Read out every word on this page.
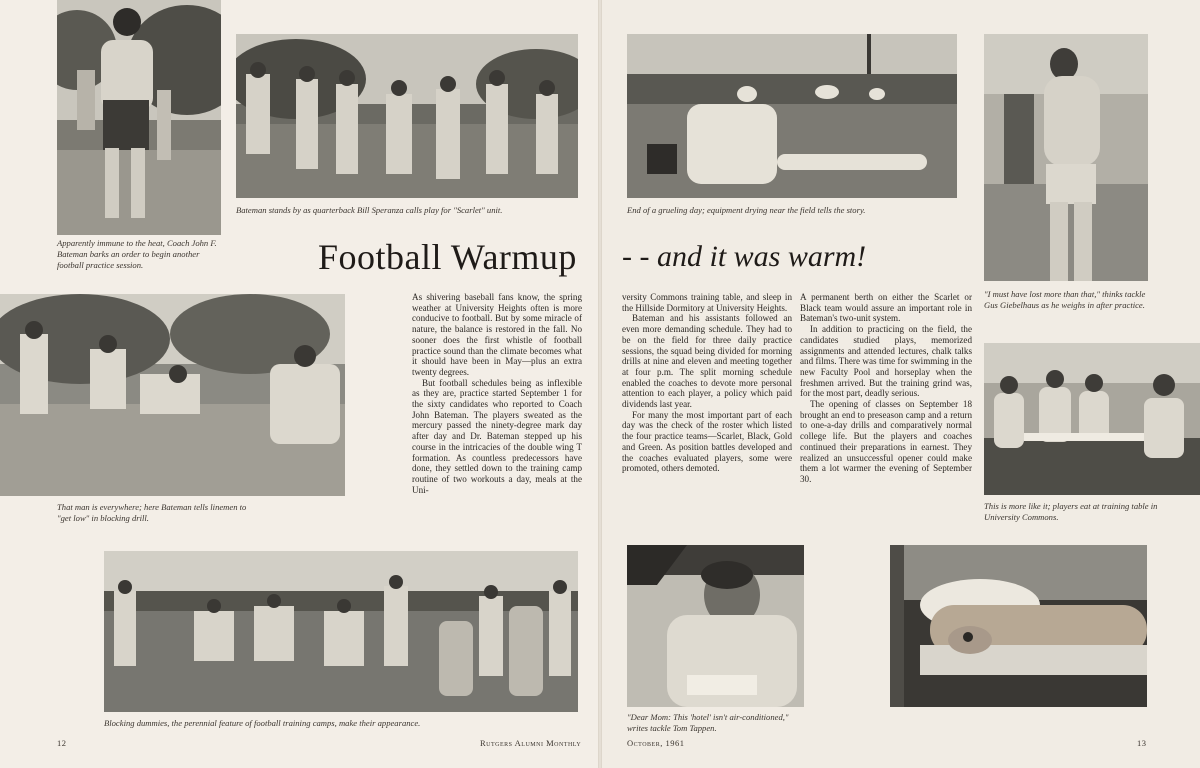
Apparently immune to the heat, Coach John F. Bateman barks an order to begin another football practice session.
Bateman stands by as quarterback Bill Speranza calls play for "Scarlet" unit.
Football Warmup - - and it was warm!
That man is everywhere; here Bateman tells linemen to "get low" in blocking drill.

As shivering baseball fans know, the spring weather at University Heights often is more conducive to football. But by some miracle of nature, the balance is restored in the fall. No sooner does the first whistle of football practice sound than the climate becomes what it should have been in May—plus an extra twenty degrees.

But football schedules being as inflexible as they are, practice started September 1 for the sixty candidates who reported to Coach John Bateman. The players sweated as the mercury passed the ninety-degree mark day after day and Dr. Bateman stepped up his course in the intricacies of the double wing T formation. As countless predecessors have done, they settled down to the training camp routine of two workouts a day, meals at the Uni-

versity Commons training table, and sleep in the Hillside Dormitory at University Heights.

Bateman and his assistants followed an even more demanding schedule. They had to be on the field for three daily practice sessions, the squad being divided for morning drills at nine and eleven and meeting together at four p.m. The split morning schedule enabled the coaches to devote more personal attention to each player, a policy which paid dividends last year.

For many the most important part of each day was the check of the roster which listed the four practice teams—Scarlet, Black, Gold and Green. As position battles developed and the coaches evaluated players, some were promoted, others demoted.

A permanent berth on either the Scarlet or Black team would assure an important role in Bateman's two-unit system.

In addition to practicing on the field, the candidates studied plays, memorized assignments and attended lectures, chalk talks and films. There was time for swimming in the new Faculty Pool and horseplay when the freshmen arrived. But the training grind was, for the most part, deadly serious.

The opening of classes on September 18 brought an end to preseason camp and a return to one-a-day drills and comparatively normal college life. But the players and coaches continued their preparations in earnest. They realized an unsuccessful opener could make them a lot warmer the evening of September 30.

End of a grueling day; equipment drying near the field tells the story.
"I must have lost more than that," thinks tackle Gus Giebelhaus as he weighs in after practice.
This is more like it; players eat at training table in University Commons.
Blocking dummies, the perennial feature of football training camps, make their appearance.
"Dear Mom: This 'hotel' isn't air-conditioned," writes tackle Tom Tappen.
12	Rutgers Alumni Monthly	October, 1961	13
